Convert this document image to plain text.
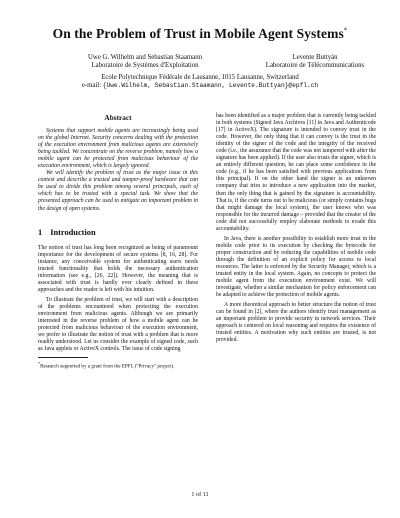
On the Problem of Trust in Mobile Agent Systems*
Uwe G. Wilhelm and Sebastian Staamann
Laboratoire de Systèmes d'Exploitation
Levente Buttyán
Laboratoire de Télécommunications
Ecole Polytechnique Fédérale de Lausanne, 1015 Lausanne, Switzerland
e-mail: {Uwe.Wilhelm, Sebastian.Staamann, Levente.Buttyan}@epfl.ch
Abstract

Systems that support mobile agents are increasingly being used on the global Internet. Security concerns dealing with the protection of the execution environment from malicious agents are extensively being tackled. We concentrate on the reverse problem, namely how a mobile agent can be protected from malicious behaviour of the execution environment, which is largely ignored.

We will identify the problem of trust as the major issue in this context and describe a trusted and tamper-proof hardware that can be used to divide this problem among several principals, each of which has to be trusted with a special task. We show that the presented approach can be used to mitigate an important problem in the design of open systems.

1 Introduction

The notion of trust has long been recognized as being of paramount importance for the development of secure systems [8, 16, 28]. For instance, any conceivable system for authenticating users needs trusted functionality that holds the necessary authentication information (see e.g., [26, 22]). However, the meaning that is associated with trust is hardly ever clearly defined in these approaches and the reader is left with his intuition.

To illustrate the problem of trust, we will start with a description of the problems encountered when protecting the execution environment from malicious agents. Although we are primarily interested in the reverse problem of how a mobile agent can be protected from malicious behaviour of the execution environment, we prefer to illustrate the notion of trust with a problem that is more readily understood. Let us consider the example of signed code, such as Java applets or ActiveX controls. The issue of code signing

*Research supported by a grant from the EPFL ("Privacy" project).

has been identified as a major problem that is currently being tackled in both systems (Signed Java Archives [11] in Java and Authenticode [17] in ActiveX). The signature is intended to convey trust in the code. However, the only thing that it can convey is the trust in the identity of the signer of the code and the integrity of the received code (i.e., the assurance that the code was not tampered with after the signature has been applied). If the user also trusts the signer, which is an entirely different question, he can place some confidence in the code (e.g., if he has been satisfied with previous applications from this principal). If on the other hand the signer is an unknown company that tries to introduce a new application into the market, then the only thing that is gained by the signature is accountability. That is, if the code turns out to be malicious (or simply contains bugs that might damage the local system), the user knows who was responsible for the incurred damage – provided that the creator of the code did not successfully employ elaborate methods to evade this accountability.

In Java, there is another possibility to establish more trust in the mobile code prior to its execution by checking the bytecode for proper construction and by reducing the capabilities of mobile code through the definition of an explicit policy for access to local resources. The latter is enforced by the Security Manager, which is a trusted entity in the local system. Again, no concepts to protect the mobile agent from the execution environment exist. We will investigate, whether a similar mechanism for policy enforcement can be adapted to achieve the protection of mobile agents.

A more theoretical approach to better structure the notion of trust can be found in [2], where the authors identify trust management as an important problem to provide security in network services. Their approach is centered on local reasoning and requires the existence of trusted entities. A motivation why such entities are trusted, is not provided.

1 of 11
